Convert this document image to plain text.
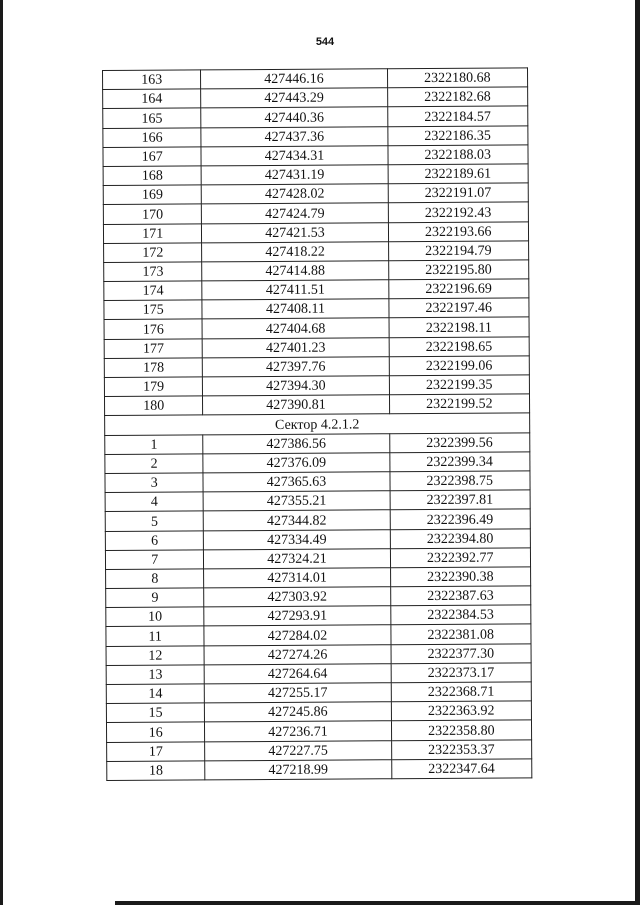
544
163	427446.16	2322180.68
164	427443.29	2322182.68
165	427440.36	2322184.57
166	427437.36	2322186.35
167	427434.31	2322188.03
168	427431.19	2322189.61
169	427428.02	2322191.07
170	427424.79	2322192.43
171	427421.53	2322193.66
172	427418.22	2322194.79
173	427414.88	2322195.80
174	427411.51	2322196.69
175	427408.11	2322197.46
176	427404.68	2322198.11
177	427401.23	2322198.65
178	427397.76	2322199.06
179	427394.30	2322199.35
180	427390.81	2322199.52
Сектор 4.2.1.2		
1	427386.56	2322399.56
2	427376.09	2322399.34
3	427365.63	2322398.75
4	427355.21	2322397.81
5	427344.82	2322396.49
6	427334.49	2322394.80
7	427324.21	2322392.77
8	427314.01	2322390.38
9	427303.92	2322387.63
10	427293.91	2322384.53
11	427284.02	2322381.08
12	427274.26	2322377.30
13	427264.64	2322373.17
14	427255.17	2322368.71
15	427245.86	2322363.92
16	427236.71	2322358.80
17	427227.75	2322353.37
18	427218.99	2322347.64
